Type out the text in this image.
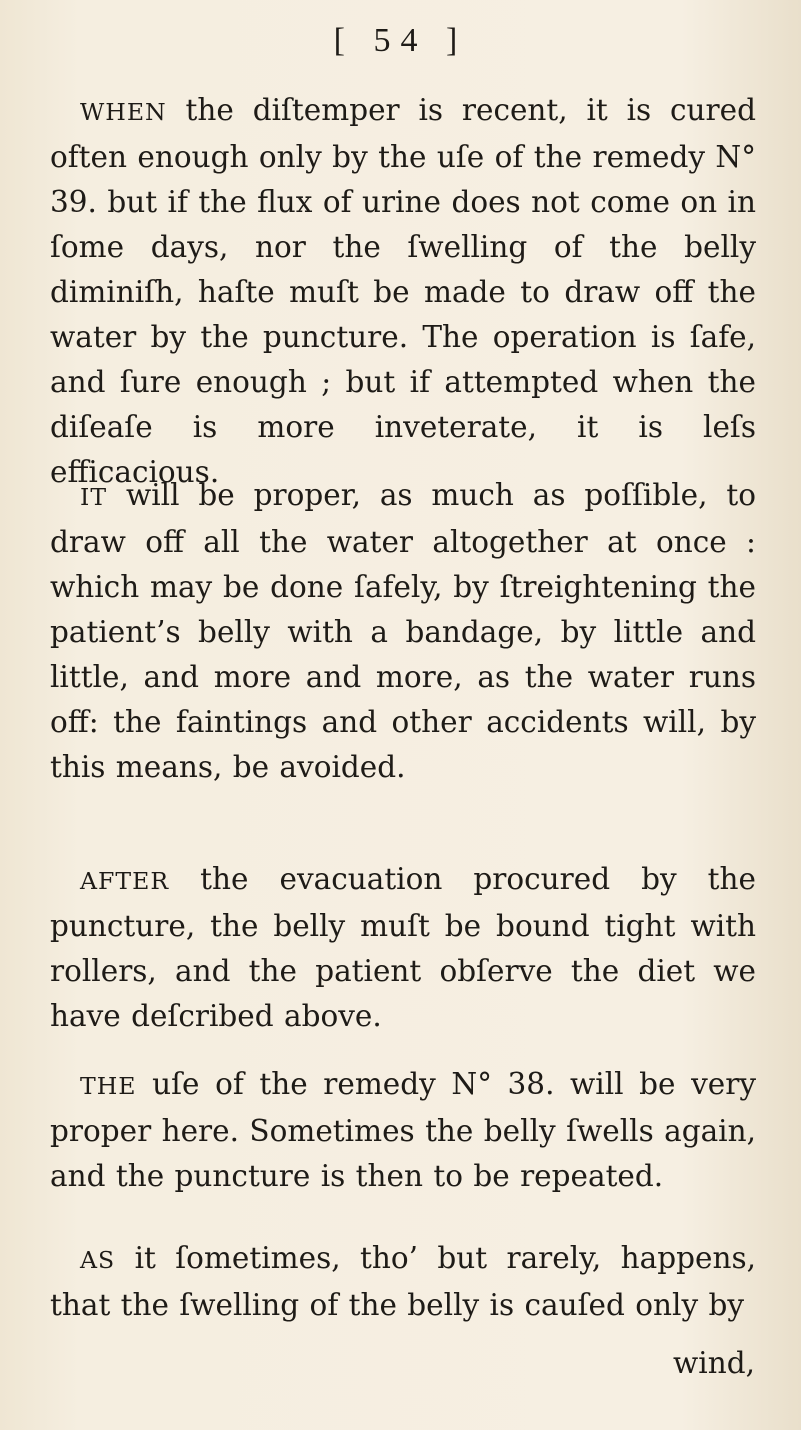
[ 54 ]

WHEN the diſtemper is recent, it is cured often enough only by the uſe of the remedy N° 39. but if the flux of urine does not come on in ſome days, nor the ſwelling of the belly diminiſh, haſte muſt be made to draw off the water by the puncture. The operation is ſafe, and ſure enough ; but if attempted when the diſeaſe is more inveterate, it is leſs efficacious.

IT will be proper, as much as poſſible, to draw off all the water altogether at once : which may be done ſafely, by ſtreightening the patient’s belly with a bandage, by little and little, and more and more, as the water runs off: the faintings and other accidents will, by this means, be avoided.

AFTER the evacuation procured by the puncture, the belly muſt be bound tight with rollers, and the patient obſerve the diet we have deſcribed above.

THE uſe of the remedy N° 38. will be very proper here. Sometimes the belly ſwells again, and the puncture is then to be repeated.

AS it ſometimes, tho’ but rarely, happens, that the ſwelling of the belly is cauſed only by

wind,
